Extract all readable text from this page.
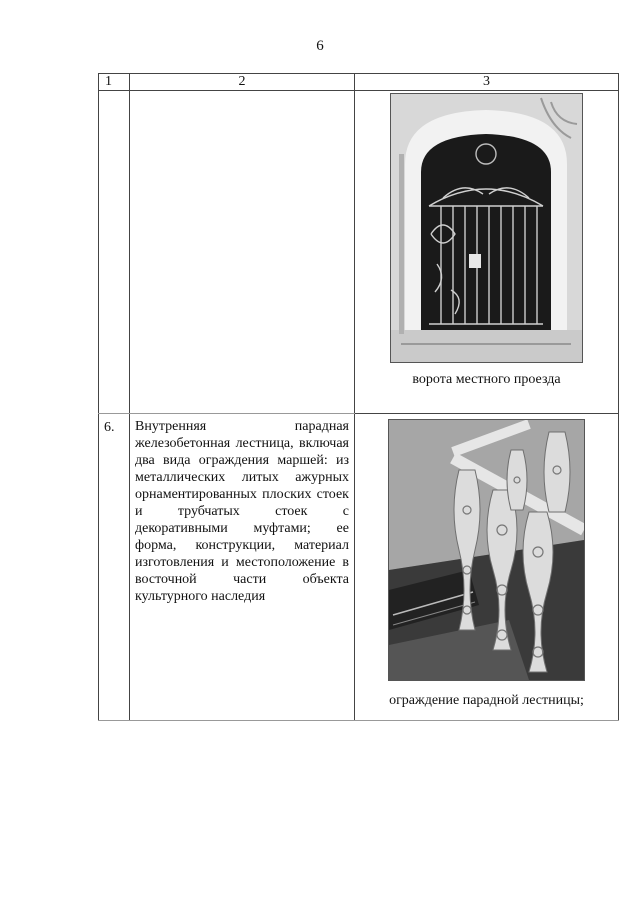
6
1	2	3

		ворота местного проезда

6.	Внутренняя парадная железобетонная лестница, включая два вида ограждения маршей: из металлических литых ажурных орнаментированных плоских стоек и трубчатых стоек с декоративными муфтами; ее форма, конструкции, материал изготовления и местоположение в восточной части объекта культурного наследия	ограждение парадной лестницы;
